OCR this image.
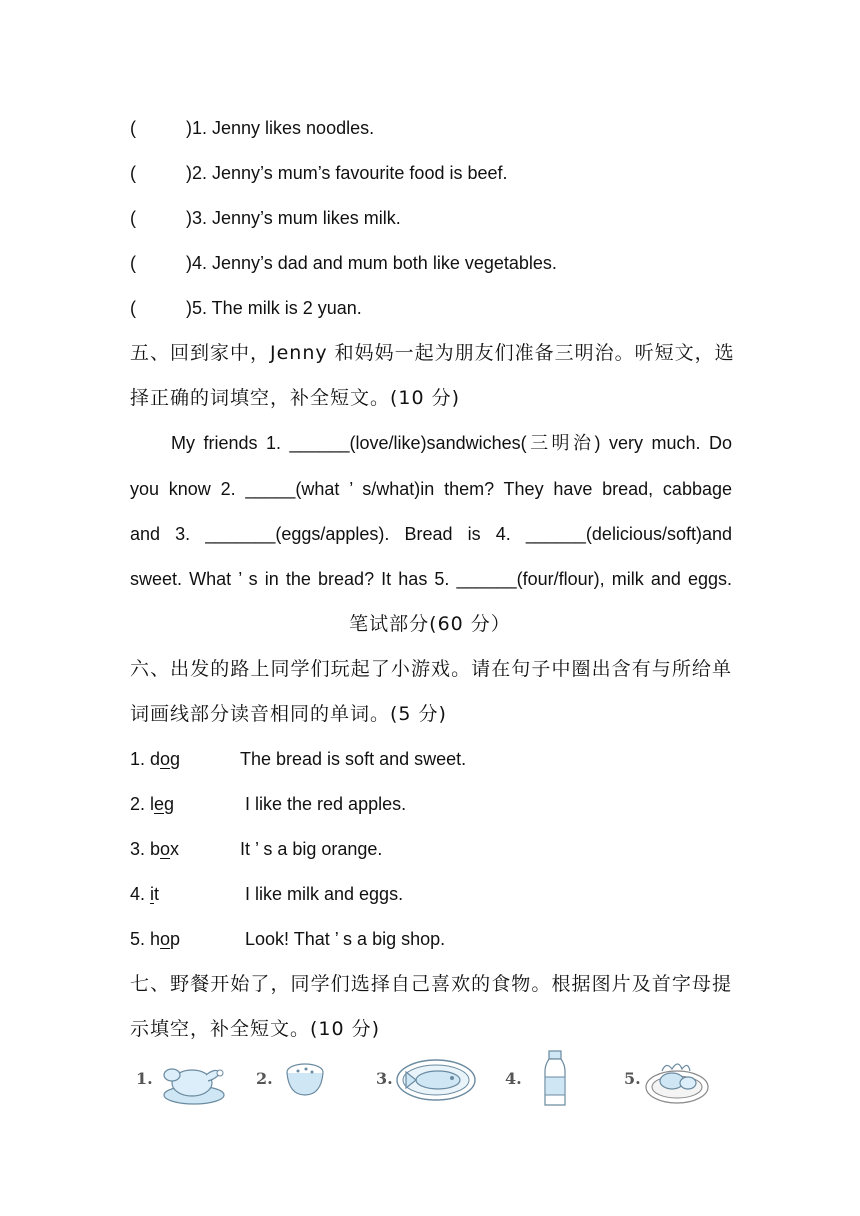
(	)1. Jenny likes noodles.
(	)2. Jenny’s mum’s favourite food is beef.
(	)3. Jenny’s mum likes milk.
(	)4. Jenny’s dad and mum both like vegetables.
(	)5. The milk is 2 yuan.
五、回到家中，Jenny 和妈妈一起为朋友们准备三明治。听短文，选
择正确的词填空，补全短文。(10 分)
My friends 1. ______(love/like)sandwiches(三明治) very much. Do
you know 2. _____(what ’ s/what)in them? They have bread, cabbage
and 3. _______(eggs/apples). Bread is 4. ______(delicious/soft)and
sweet. What ’ s in the bread? It has 5. ______(four/flour), milk and eggs.
笔试部分(60 分）
六、出发的路上同学们玩起了小游戏。请在句子中圈出含有与所给单
词画线部分读音相同的单词。(5 分)
1. dog	The bread is soft and sweet.
2. leg	I like the red apples.
3. box	It ’ s a big orange.
4. it	I like milk and eggs.
5. hop	Look! That ’ s a big shop.
七、野餐开始了，同学们选择自己喜欢的食物。根据图片及首字母提
示填空，补全短文。(10 分)
1.	2.	3.	4.	5.
